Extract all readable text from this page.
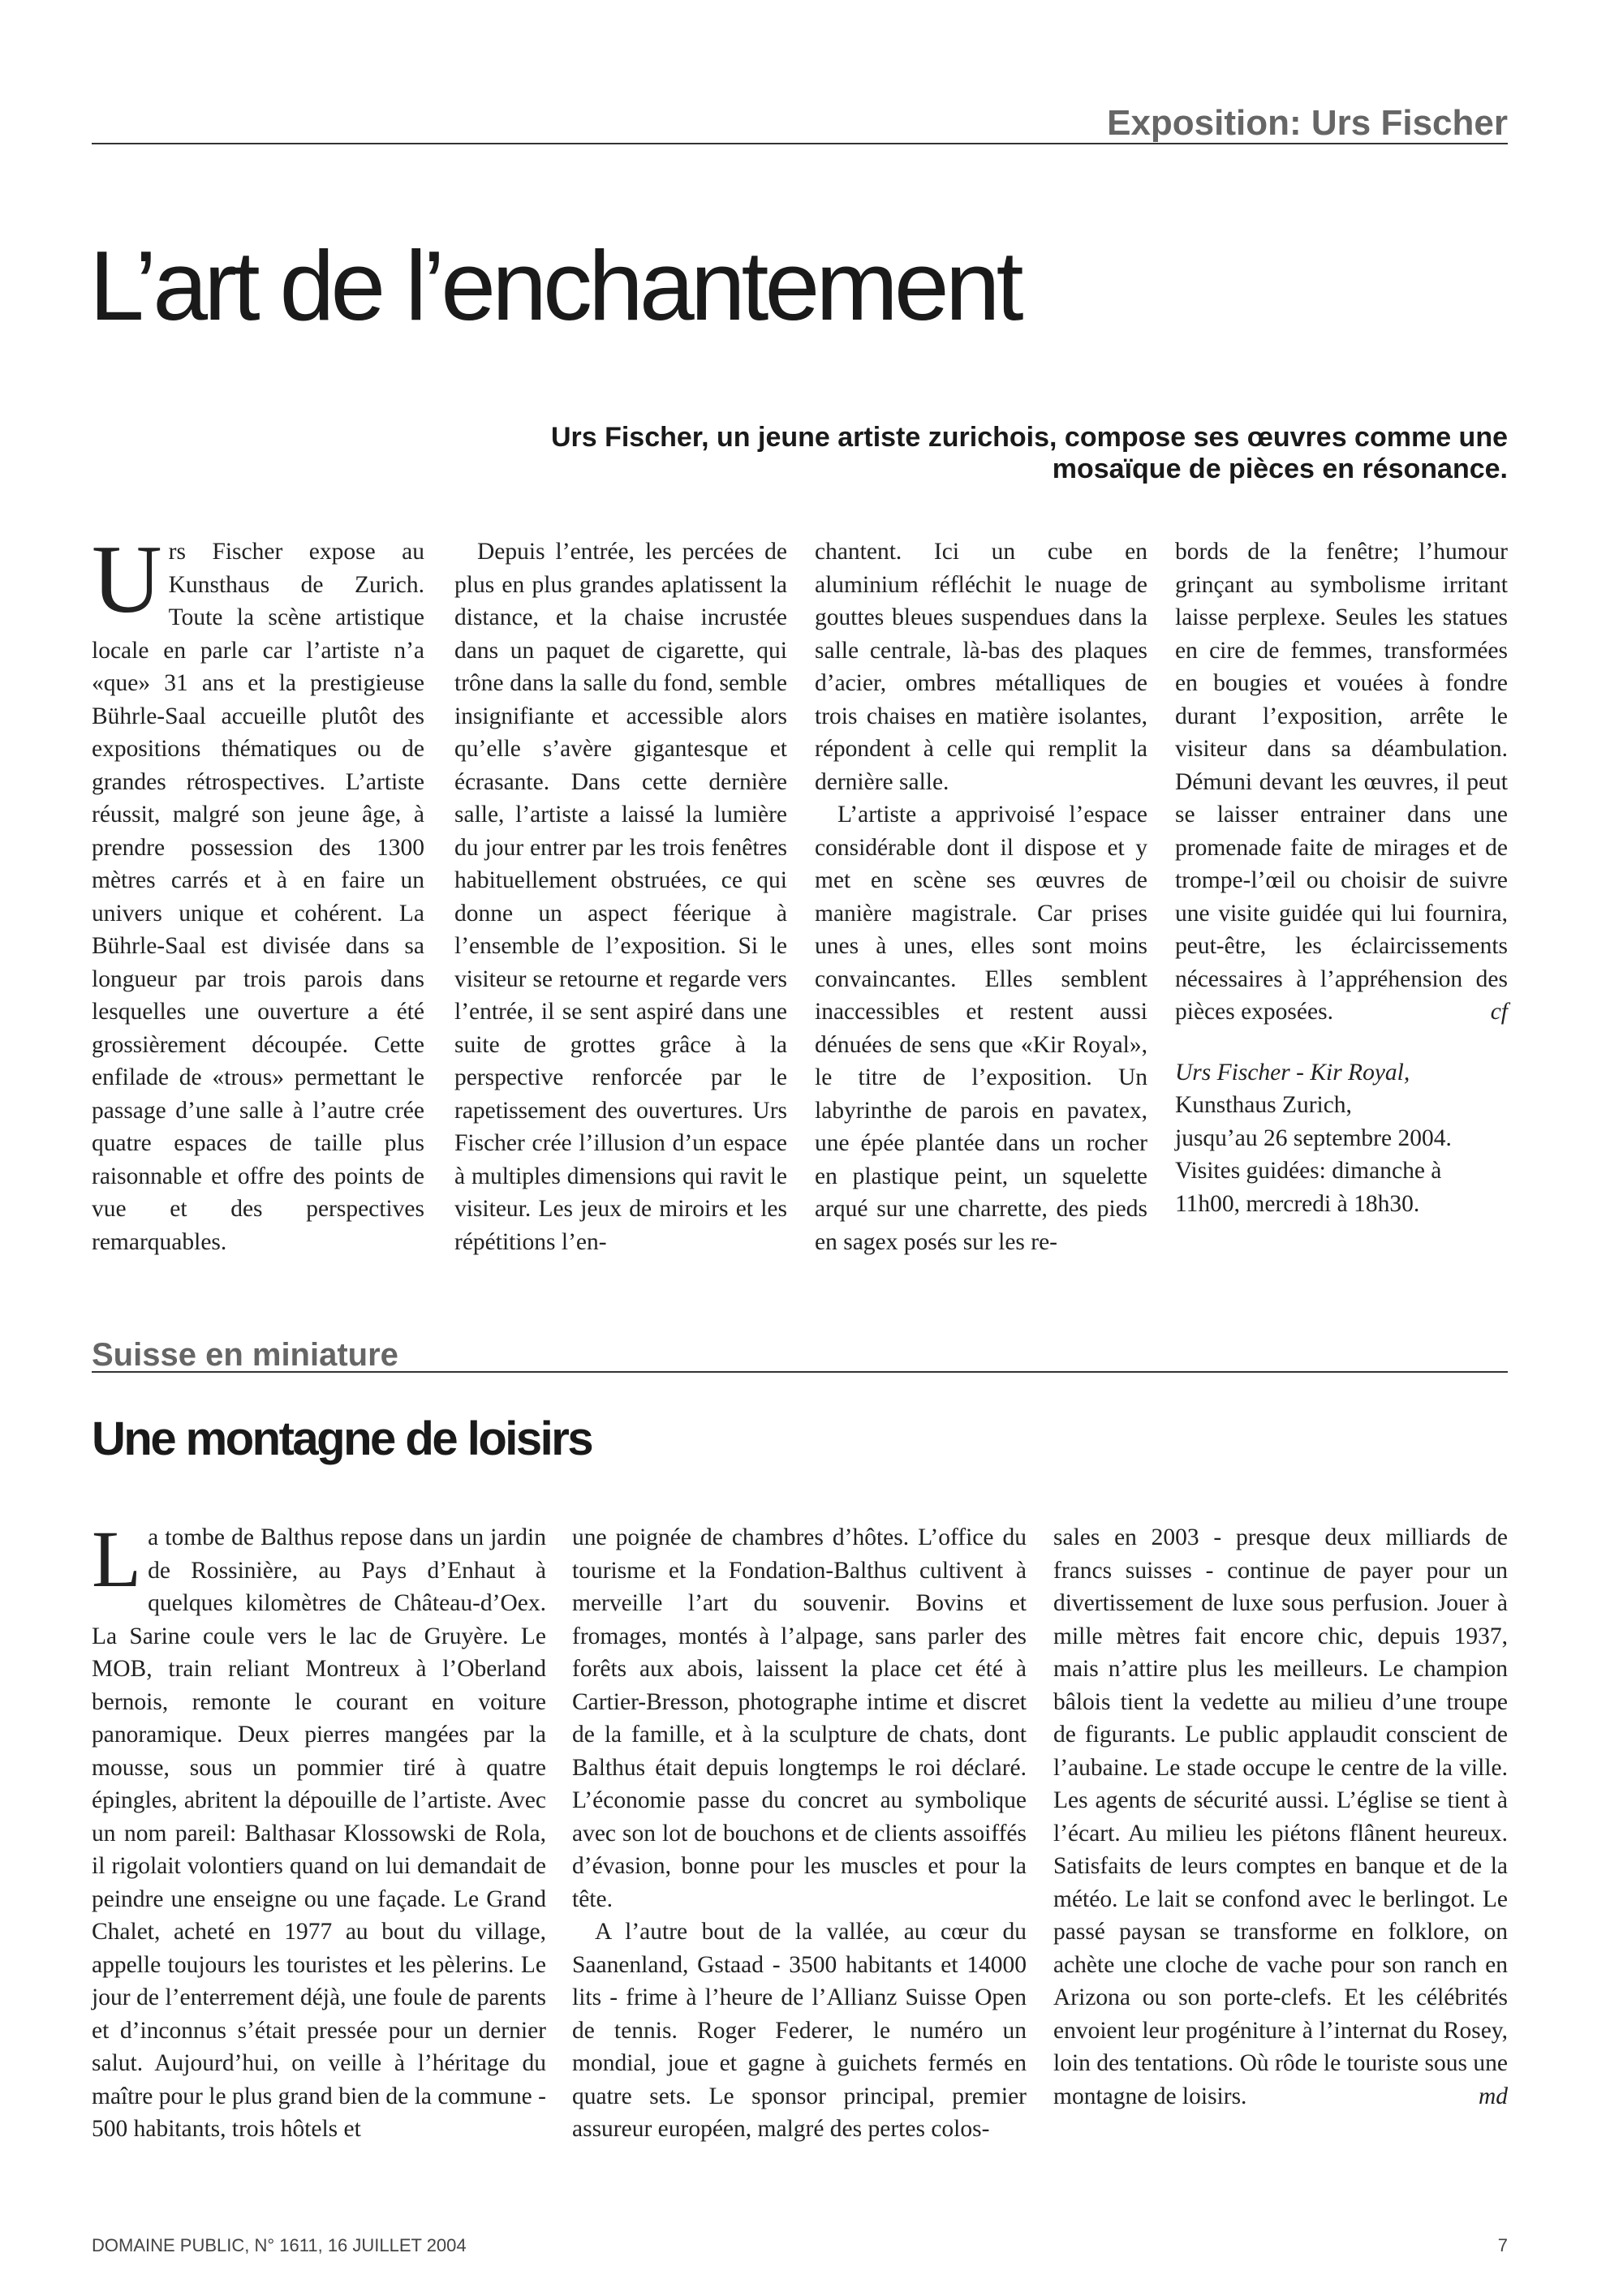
Exposition: Urs Fischer
L’art de l’enchantement
Urs Fischer, un jeune artiste zurichois, compose ses œuvres comme une mosaïque de pièces en résonance.

Urs Fischer expose au Kunsthaus de Zurich. Toute la scène artistique locale en parle car l’artiste n’a «que» 31 ans et la prestigieuse Bührle-Saal accueille plutôt des expositions thématiques ou de grandes rétrospectives. L’artiste réussit, malgré son jeune âge, à prendre possession des 1300 mètres carrés et à en faire un univers unique et cohérent. La Bührle-Saal est divisée dans sa longueur par trois parois dans lesquelles une ouverture a été grossièrement découpée. Cette enfilade de «trous» permettant le passage d’une salle à l’autre crée quatre espaces de taille plus raisonnable et offre des points de vue et des perspectives remarquables.

Depuis l’entrée, les percées de plus en plus grandes aplatissent la distance, et la chaise incrustée dans un paquet de cigarette, qui trône dans la salle du fond, semble insignifiante et accessible alors qu’elle s’avère gigantesque et écrasante. Dans cette dernière salle, l’artiste a laissé la lumière du jour entrer par les trois fenêtres habituellement obstruées, ce qui donne un aspect féerique à l’ensemble de l’exposition. Si le visiteur se retourne et regarde vers l’entrée, il se sent aspiré dans une suite de grottes grâce à la perspective renforcée par le rapetissement des ouvertures. Urs Fischer crée l’illusion d’un espace à multiples dimensions qui ravit le visiteur. Les jeux de miroirs et les répétitions l’en-

chantent. Ici un cube en aluminium réfléchit le nuage de gouttes bleues suspendues dans la salle centrale, là-bas des plaques d’acier, ombres métalliques de trois chaises en matière isolantes, répondent à celle qui remplit la dernière salle.

L’artiste a apprivoisé l’espace considérable dont il dispose et y met en scène ses œuvres de manière magistrale. Car prises unes à unes, elles sont moins convaincantes. Elles semblent inaccessibles et restent aussi dénuées de sens que «Kir Royal», le titre de l’exposition. Un labyrinthe de parois en pavatex, une épée plantée dans un rocher en plastique peint, un squelette arqué sur une charrette, des pieds en sagex posés sur les re-

bords de la fenêtre; l’humour grinçant au symbolisme irritant laisse perplexe. Seules les statues en cire de femmes, transformées en bougies et vouées à fondre durant l’exposition, arrête le visiteur dans sa déambulation. Démuni devant les œuvres, il peut se laisser entrainer dans une promenade faite de mirages et de trompe-l’œil ou choisir de suivre une visite guidée qui lui fournira, peut-être, les éclaircissements nécessaires à l’appréhension des pièces exposées.	cf

Urs Fischer - Kir Royal,
Kunsthaus Zurich,
jusqu’au 26 septembre 2004.
Visites guidées: dimanche à 11h00, mercredi à 18h30.

Suisse en miniature
Une montagne de loisirs

La tombe de Balthus repose dans un jardin de Rossinière, au Pays d’Enhaut à quelques kilomètres de Château-d’Oex. La Sarine coule vers le lac de Gruyère. Le MOB, train reliant Montreux à l’Oberland bernois, remonte le courant en voiture panoramique. Deux pierres mangées par la mousse, sous un pommier tiré à quatre épingles, abritent la dépouille de l’artiste. Avec un nom pareil: Balthasar Klossowski de Rola, il rigolait volontiers quand on lui demandait de peindre une enseigne ou une façade. Le Grand Chalet, acheté en 1977 au bout du village, appelle toujours les touristes et les pèlerins. Le jour de l’enterrement déjà, une foule de parents et d’inconnus s’était pressée pour un dernier salut. Aujourd’hui, on veille à l’héritage du maître pour le plus grand bien de la commune - 500 habitants, trois hôtels et

une poignée de chambres d’hôtes. L’office du tourisme et la Fondation-Balthus cultivent à merveille l’art du souvenir. Bovins et fromages, montés à l’alpage, sans parler des forêts aux abois, laissent la place cet été à Cartier-Bresson, photographe intime et discret de la famille, et à la sculpture de chats, dont Balthus était depuis longtemps le roi déclaré. L’économie passe du concret au symbolique avec son lot de bouchons et de clients assoiffés d’évasion, bonne pour les muscles et pour la tête.

A l’autre bout de la vallée, au cœur du Saanenland, Gstaad - 3500 habitants et 14000 lits - frime à l’heure de l’Allianz Suisse Open de tennis. Roger Federer, le numéro un mondial, joue et gagne à guichets fermés en quatre sets. Le sponsor principal, premier assureur européen, malgré des pertes colos-

sales en 2003 - presque deux milliards de francs suisses - continue de payer pour un divertissement de luxe sous perfusion. Jouer à mille mètres fait encore chic, depuis 1937, mais n’attire plus les meilleurs. Le champion bâlois tient la vedette au milieu d’une troupe de figurants. Le public applaudit conscient de l’aubaine. Le stade occupe le centre de la ville. Les agents de sécurité aussi. L’église se tient à l’écart. Au milieu les piétons flânent heureux. Satisfaits de leurs comptes en banque et de la météo. Le lait se confond avec le berlingot. Le passé paysan se transforme en folklore, on achète une cloche de vache pour son ranch en Arizona ou son porte-clefs. Et les célébrités envoient leur progéniture à l’internat du Rosey, loin des tentations. Où rôde le touriste sous une montagne de loisirs.	md

DOMAINE PUBLIC, N° 1611, 16 JUILLET 2004	7
